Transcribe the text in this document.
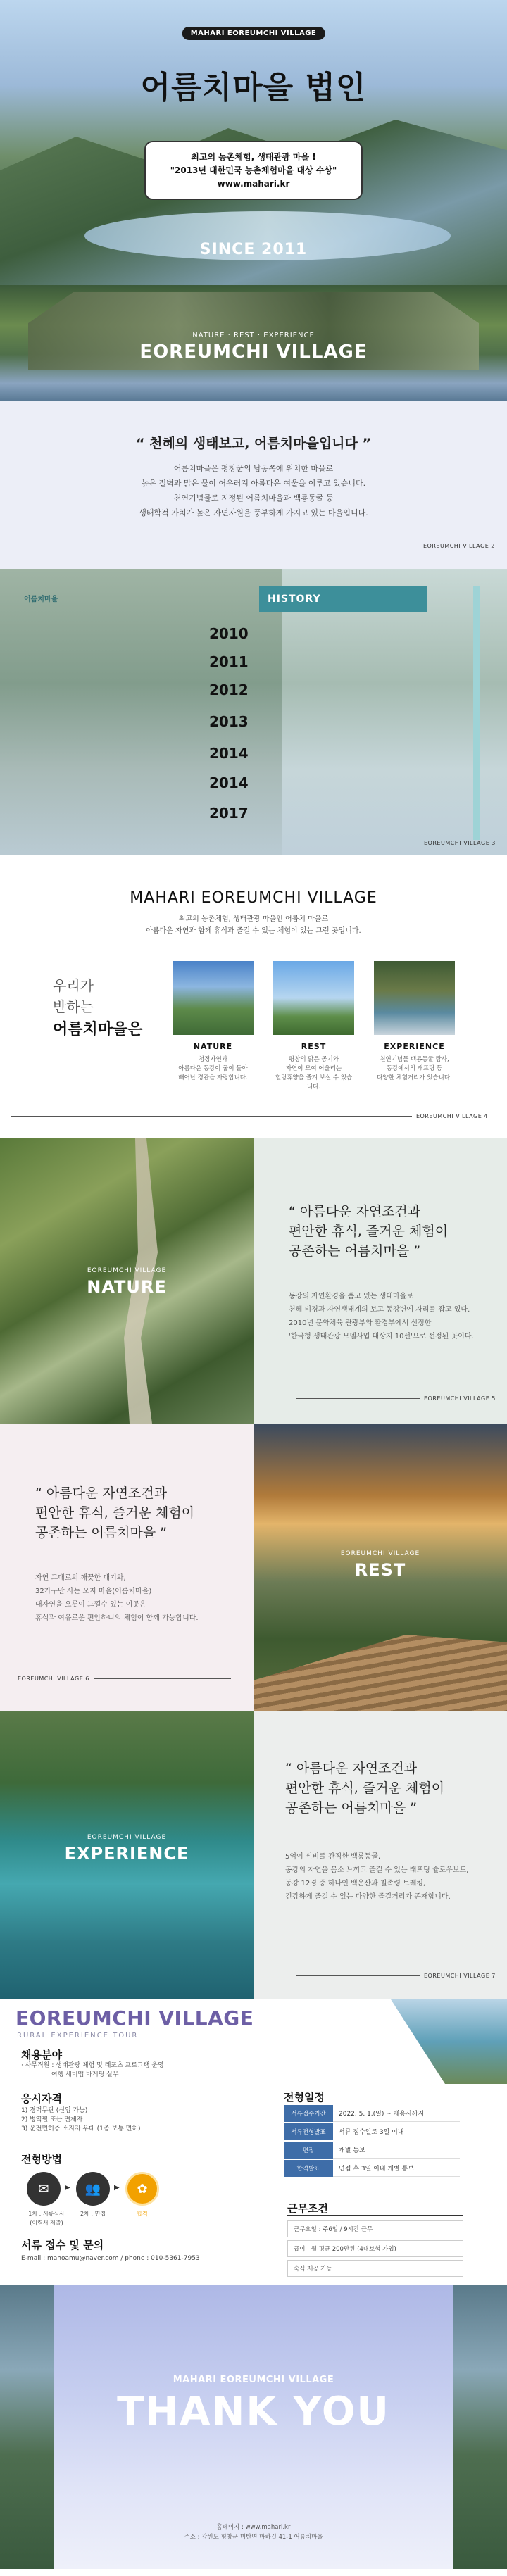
MAHARI EOREUMCHI VILLAGE
어름치마을 법인
최고의 농촌체험, 생태관광 마을 !
"2013년 대한민국 농촌체험마을 대상 수상"
www.mahari.kr
SINCE 2011
NATURE · REST · EXPERIENCE
EOREUMCHI VILLAGE
“ 천혜의 생태보고, 어름치마을입니다 ”
어름치마을은 평창군의 남동쪽에 위치한 마을로
높은 절벽과 맑은 물이 어우러져 아름다운 여울을 이루고 있습니다.
천연기념물로 지정된 어름치마을과 백룡동굴 등
생태학적 가치가 높은 자연자원을 풍부하게 가지고 있는 마을입니다.
EOREUMCHI VILLAGE 2
어름치마을	HISTORY
2010
2011
2012
2013
2014
2014
2017
EOREUMCHI VILLAGE 3
MAHARI EOREUMCHI VILLAGE
최고의 농촌체험, 생태관광 마을인 어름치 마을로
아름다운 자연과 함께 휴식과 즐길 수 있는 체험이 있는 그런 곳입니다.
우리가
반하는
어름치마을은
NATURE
청정자연과
아름다운 동강이 굽이 돌아
빼어난 경관을 자랑합니다.
REST
평창의 맑은 공기와
자연이 모여 어울리는
힐링휴양을 즐겨 보실 수 있습니다.
EXPERIENCE
천연기념물 백룡동굴 탐사,
동강에서의 래프팅 등
다양한 체험거리가 있습니다.
EOREUMCHI VILLAGE 4
EOREUMCHI VILLAGE
NATURE
“ 아름다운 자연조건과
편안한 휴식, 즐거운 체험이
공존하는 어름치마을 ”
동강의 자연환경을 품고 있는 생태마을로
천혜 비경과 자연생태계의 보고 동강변에 자리를 잡고 있다.
2010년 문화체육 관광부와 환경부에서 선정한
'한국형 생태관광 모델사업 대상지 10선'으로 선정된 곳이다.
EOREUMCHI VILLAGE 5
EOREUMCHI VILLAGE
REST
“ 아름다운 자연조건과
편안한 휴식, 즐거운 체험이
공존하는 어름치마을 ”
자연 그대로의 깨끗한 대기와,
32가구만 사는 오지 마을(어름치마을)
대자연을 오롯이 느낄수 있는 이곳은
휴식과 여유로운 편안하니의 체험이 함께 가능합니다.
EOREUMCHI VILLAGE 6
EOREUMCHI VILLAGE
EXPERIENCE
“ 아름다운 자연조건과
편안한 휴식, 즐거운 체험이
공존하는 어름치마을 ”
5억여 신비를 간직한 백룡동굴,
동강의 자연을 몸소 느끼고 즐길 수 있는 래프팅 슐로우보트,
동강 12경 중 하나인 백운산과 칠족령 트레킹,
건강하게 즐길 수 있는 다양한 즐길거리가 존재합니다.
EOREUMCHI VILLAGE 7
EOREUMCHI VILLAGE
RURAL EXPERIENCE TOUR
채용분야
· 사무직원 : 생태관광 체험 및 레포츠 프로그램 운영
여행 세미맵 마케팅 실무
응시자격
1) 경력무관 (신입 가능)
2) 병역필 또는 면제자
3) 운전면허증 소지자 우대 (1종 보통 면허)
전형방법
✉	▶	👥	▶	✿
1차 : 서류심사
(이력서 제출)
2차 : 면접	합격
서류 접수 및 문의
E-mail : mahoamu@naver.com / phone : 010-5361-7953
전형일정
서류접수기간	2022. 5. 1.(일) ~ 채용시까지
서류전형발표	서류 접수일로 3일 이내
면접	개별 통보
합격발표	면접 후 3일 이내 개별 통보
근무조건
근무요일 : 주6일 / 9시간 근무
급여 : 월 평균 200만원 (4대보험 가입)
숙식 제공 가능
MAHARI EOREUMCHI VILLAGE
THANK YOU
홈페이지 : www.mahari.kr
주소 : 강원도 평창군 미탄면 마하길 41-1 어름치마을
